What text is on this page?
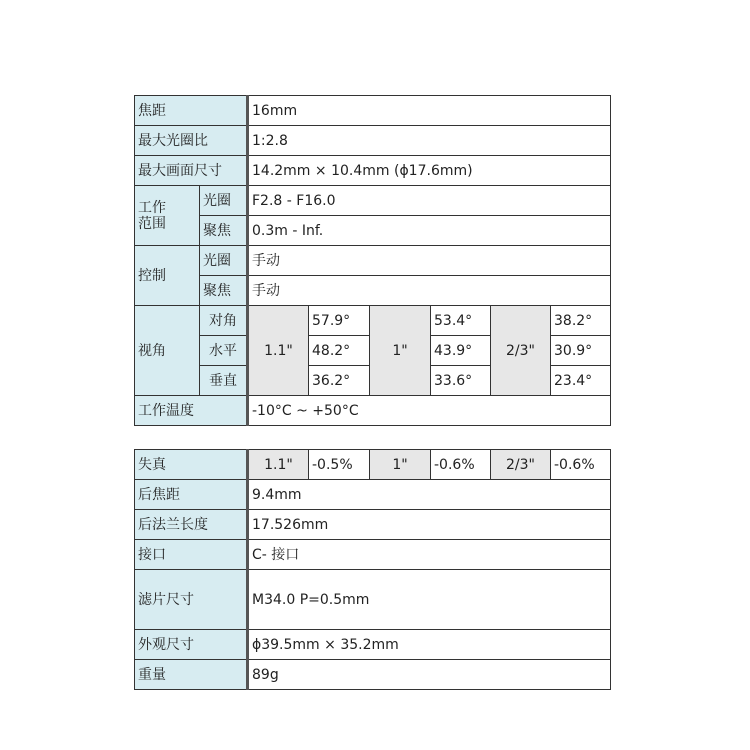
焦距		16mm					
最大光圈比		1:2.8					
最大画面尺寸		14.2mm × 10.4mm (ϕ17.6mm)					
工作
范围	光圈	F2.8 - F16.0					
	聚焦	0.3m - Inf.					
控制	光圈	手动					
	聚焦	手动					
视角	对角	1.1"	57.9°	1"	53.4°	2/3"	38.2°
	水平		48.2°		43.9°		30.9°
	垂直		36.2°		33.6°		23.4°
工作温度		-10°C ~ +50°C					
失真	1.1"	-0.5%	1"	-0.6%	2/3"	-0.6%
后焦距	9.4mm					
后法兰长度	17.526mm					
接口	C- 接口					
滤片尺寸	M34.0 P=0.5mm					
外观尺寸	ϕ39.5mm × 35.2mm					
重量	89g					
